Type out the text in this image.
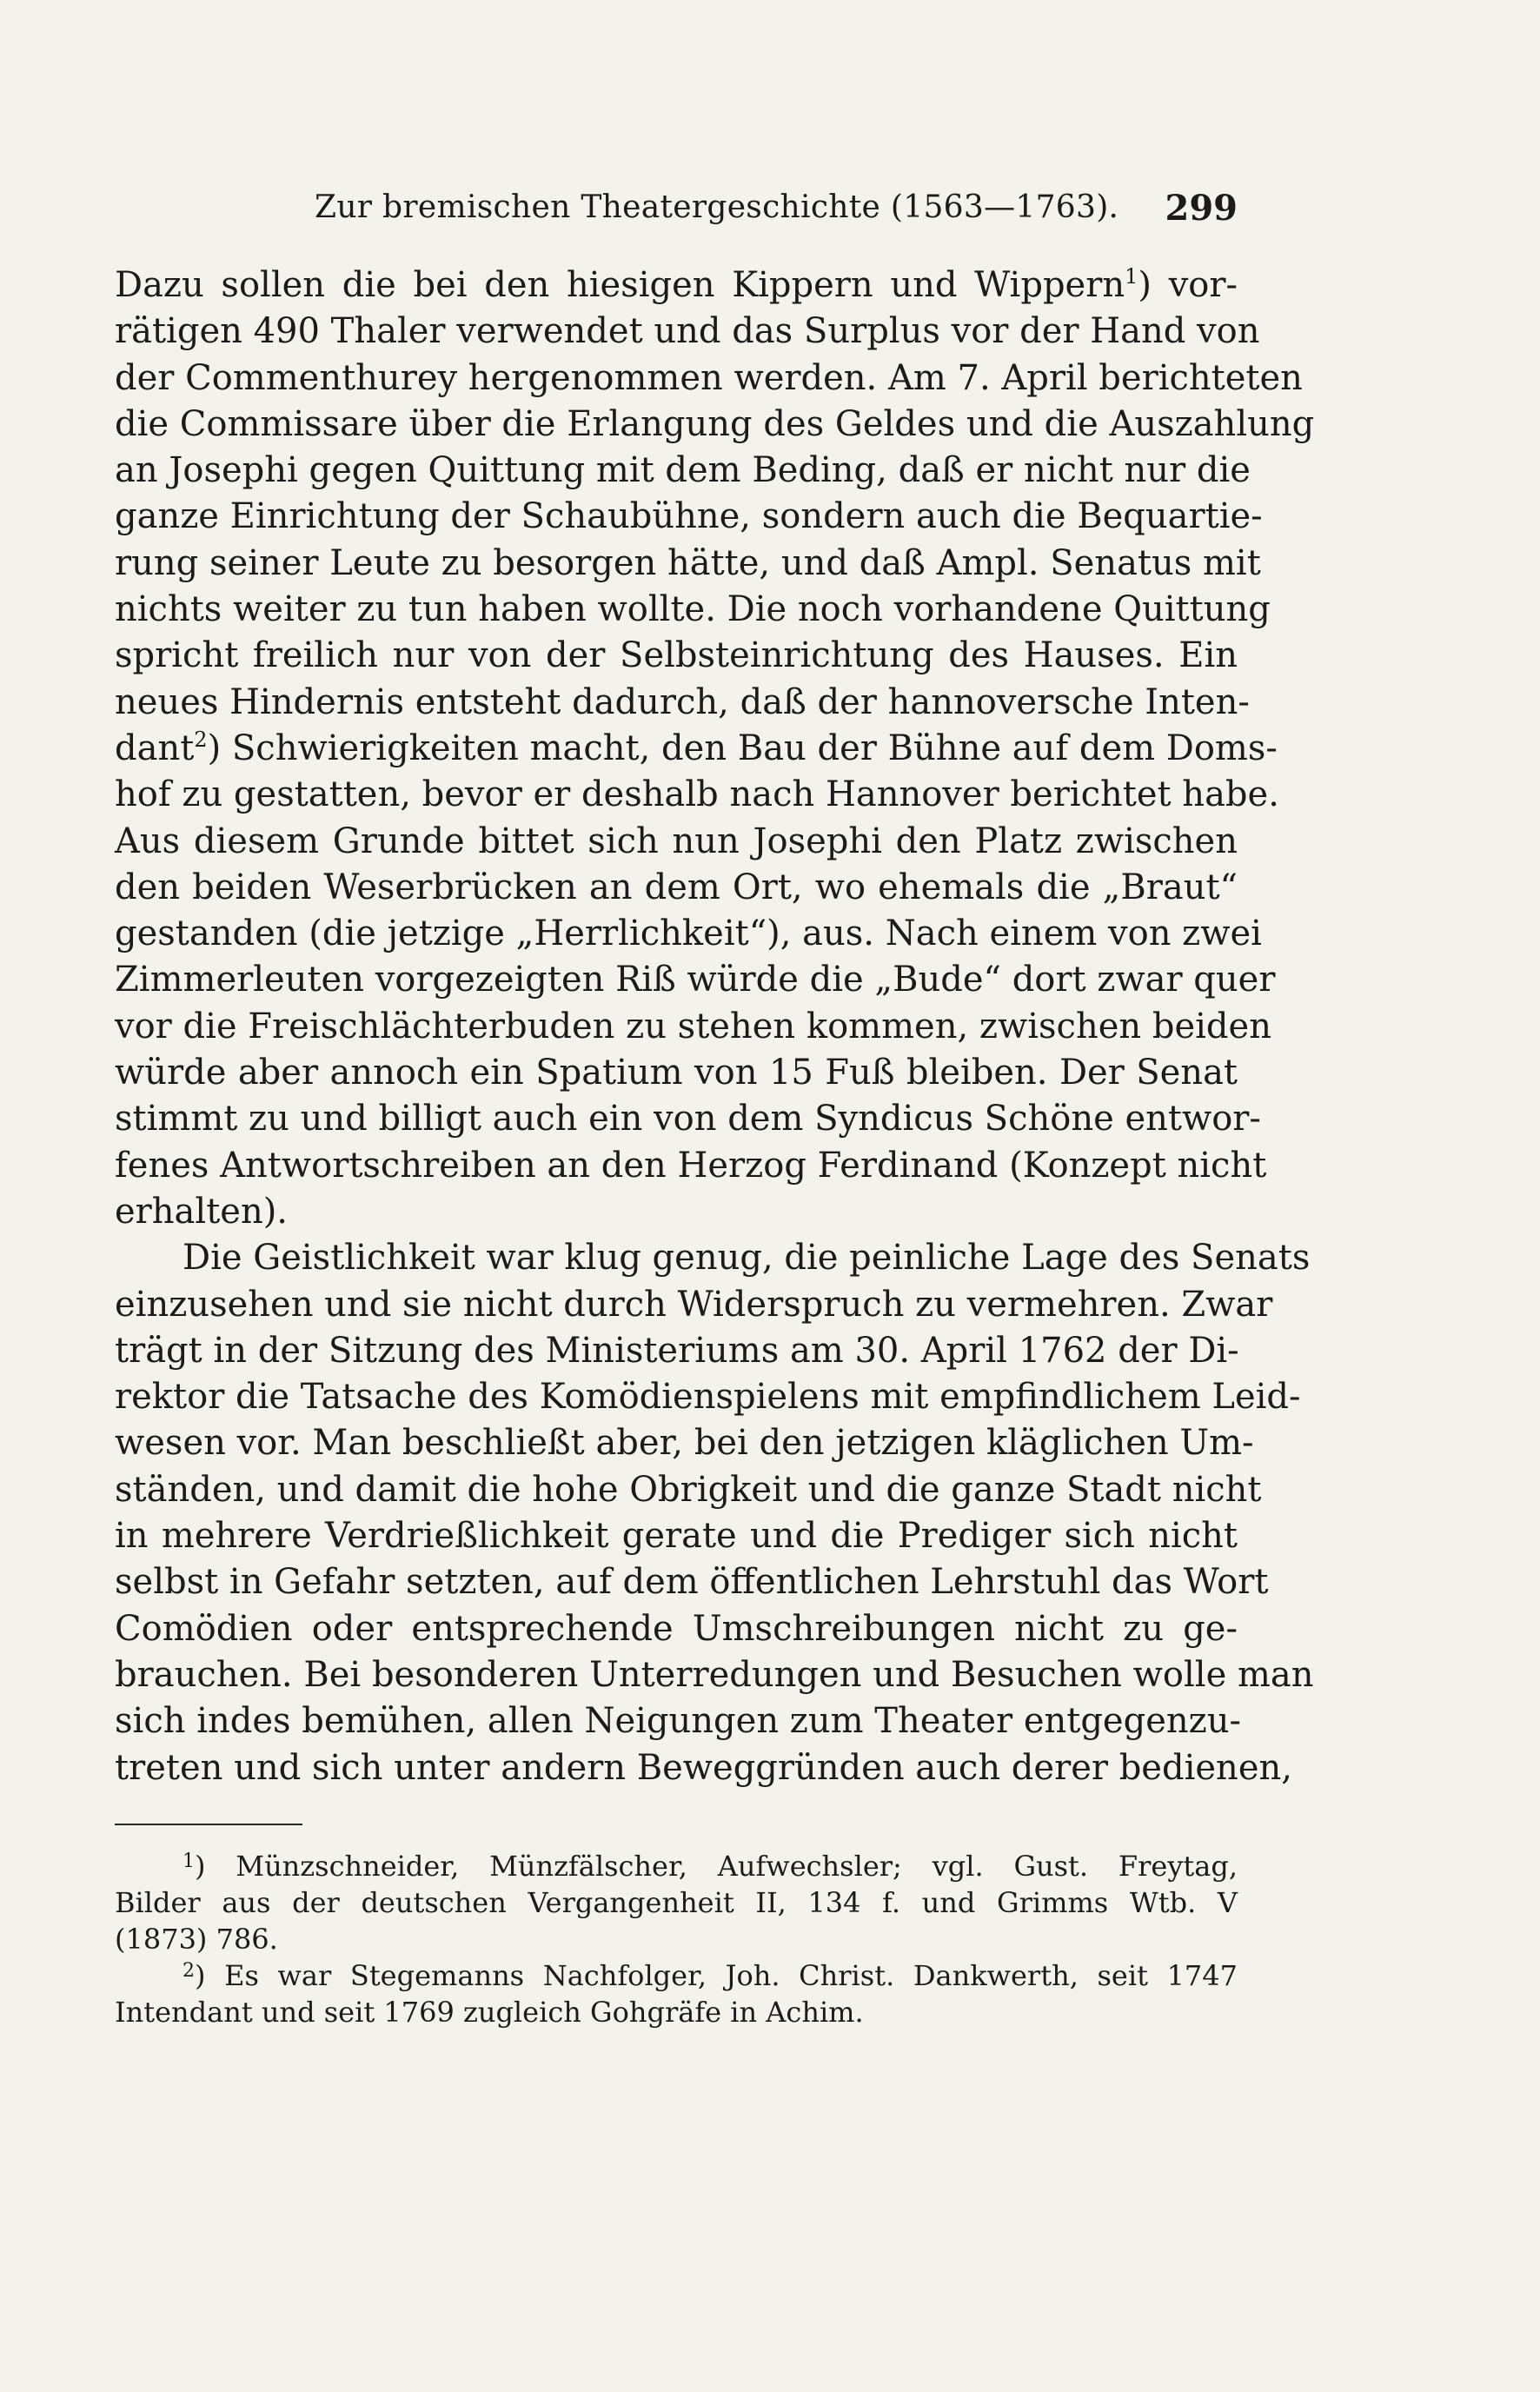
Zur bremischen Theatergeschichte (1563—1763). 299
Dazu sollen die bei den hiesigen Kippern und Wippern$^1$) vor-
rätigen 490 Thaler verwendet und das Surplus vor der Hand von
der Commenthurey hergenommen werden. Am 7. April berichteten
die Commissare über die Erlangung des Geldes und die Auszahlung
an Josephi gegen Quittung mit dem Beding, daß er nicht nur die
ganze Einrichtung der Schaubühne, sondern auch die Bequartie-
rung seiner Leute zu besorgen hätte, und daß Ampl. Senatus mit
nichts weiter zu tun haben wollte. Die noch vorhandene Quittung
spricht freilich nur von der Selbsteinrichtung des Hauses. Ein
neues Hindernis entsteht dadurch, daß der hannoversche Inten-
dant$^2$) Schwierigkeiten macht, den Bau der Bühne auf dem Doms-
hof zu gestatten, bevor er deshalb nach Hannover berichtet habe.
Aus diesem Grunde bittet sich nun Josephi den Platz zwischen
den beiden Weserbrücken an dem Ort, wo ehemals die „Braut“
gestanden (die jetzige „Herrlichkeit“), aus. Nach einem von zwei
Zimmerleuten vorgezeigten Riß würde die „Bude“ dort zwar quer
vor die Freischlächterbuden zu stehen kommen, zwischen beiden
würde aber annoch ein Spatium von 15 Fuß bleiben. Der Senat
stimmt zu und billigt auch ein von dem Syndicus Schöne entwor-
fenes Antwortschreiben an den Herzog Ferdinand (Konzept nicht
erhalten).
Die Geistlichkeit war klug genug, die peinliche Lage des Senats
einzusehen und sie nicht durch Widerspruch zu vermehren. Zwar
trägt in der Sitzung des Ministeriums am 30. April 1762 der Di-
rektor die Tatsache des Komödienspielens mit empfindlichem Leid-
wesen vor. Man beschließt aber, bei den jetzigen kläglichen Um-
ständen, und damit die hohe Obrigkeit und die ganze Stadt nicht
in mehrere Verdrießlichkeit gerate und die Prediger sich nicht
selbst in Gefahr setzten, auf dem öffentlichen Lehrstuhl das Wort
Comödien oder entsprechende Umschreibungen nicht zu ge-
brauchen. Bei besonderen Unterredungen und Besuchen wolle man
sich indes bemühen, allen Neigungen zum Theater entgegenzu-
treten und sich unter andern Beweggründen auch derer bedienen,
$^1$) Münzschneider, Münzfälscher, Aufwechsler; vgl. Gust. Freytag,
Bilder aus der deutschen Vergangenheit II, 134 f. und Grimms Wtb. V
(1873) 786.
$^2$) Es war Stegemanns Nachfolger, Joh. Christ. Dankwerth, seit 1747
Intendant und seit 1769 zugleich Gohgräfe in Achim.
